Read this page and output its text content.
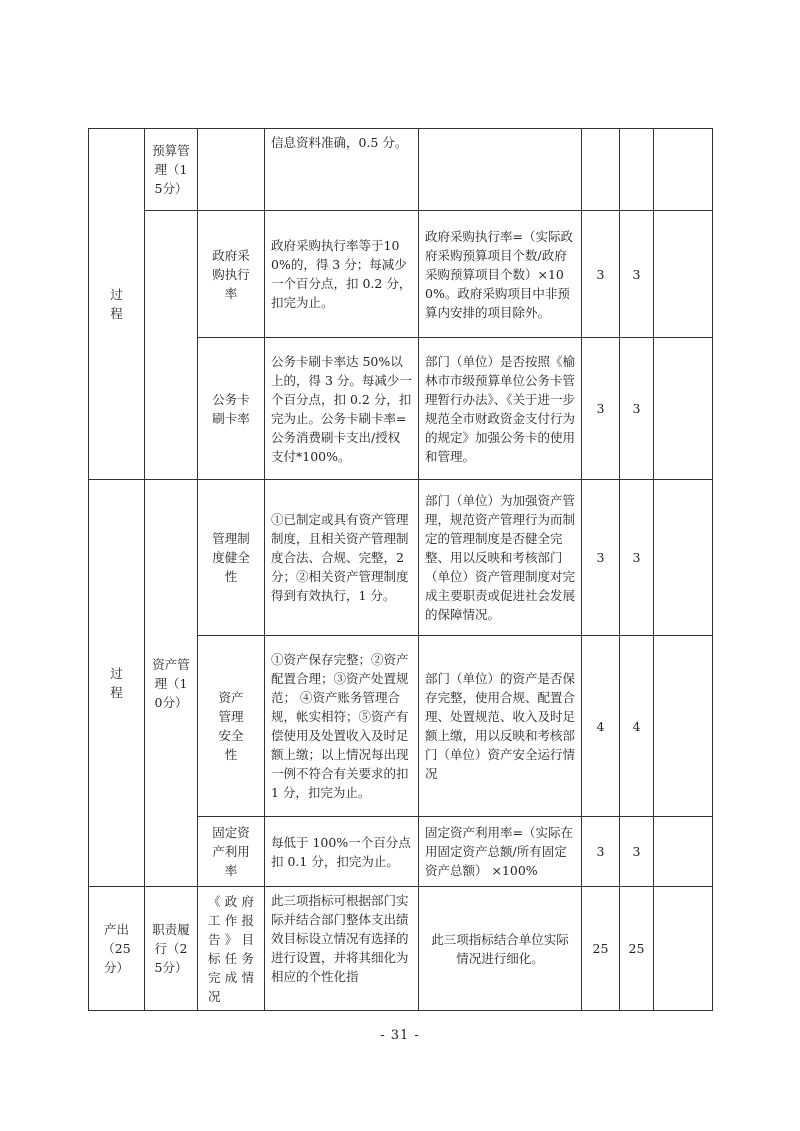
过程	预算管理（15分）		信息资料准确，0.5 分。				
		政府采购执行率	政府采购执行率等于100%的，得 3 分；每减少一个百分点，扣 0.2 分，扣完为止。	政府采购执行率=（实际政府采购预算项目个数/政府采购预算项目个数）×100%。政府采购项目中非预算内安排的项目除外。	3	3	
		公务卡刷卡率	公务卡刷卡率达 50%以上的，得 3 分。每减少一个百分点，扣 0.2 分，扣完为止。公务卡刷卡率=公务消费刷卡支出/授权支付*100%。	部门（单位）是否按照《榆林市市级预算单位公务卡管理暂行办法》、《关于进一步规范全市财政资金支付行为的规定》加强公务卡的使用和管理。	3	3	
过程	资产管理（10分）	管理制度健全性	①已制定或具有资产管理制度，且相关资产管理制度合法、合规、完整，2 分；②相关资产管理制度得到有效执行，1 分。	部门（单位）为加强资产管理，规范资产管理行为而制定的管理制度是否健全完整、用以反映和考核部门（单位）资产管理制度对完成主要职责或促进社会发展的保障情况。	3	3	
		资产管理安全性	①资产保存完整；②资产配置合理；③资产处置规范； ④资产账务管理合规，帐实相符；⑤资产有偿使用及处置收入及时足额上缴；以上情况每出现一例不符合有关要求的扣 1 分，扣完为止。	部门（单位）的资产是否保存完整，使用合规、配置合理、处置规范、收入及时足额上缴，用以反映和考核部门（单位）资产安全运行情况	4	4	
		固定资产利用率	每低于 100%一个百分点扣 0.1 分，扣完为止。	固定资产利用率=（实际在用固定资产总额/所有固定资产总额） ×100%	3	3	
产出（25分）	职责履行（25分）	《政府工作报告》目标任务完成情况	此三项指标可根据部门实际并结合部门整体支出绩效目标设立情况有选择的进行设置，并将其细化为相应的个性化指	此三项指标结合单位实际情况进行细化。	25	25	
- 31 -
